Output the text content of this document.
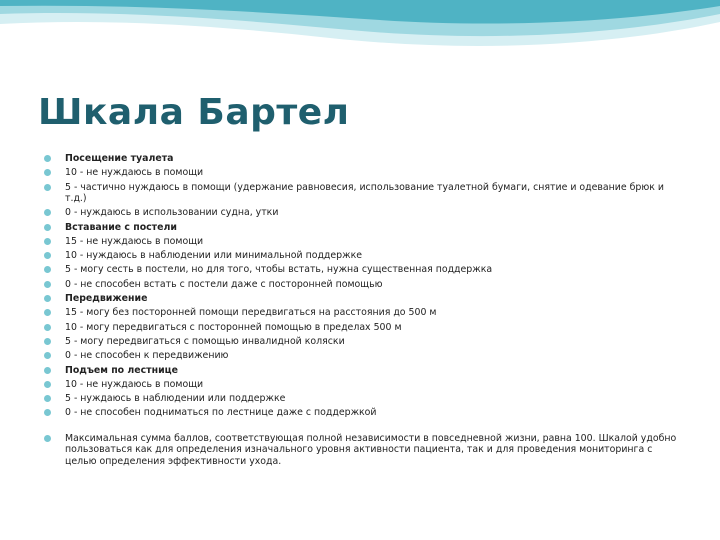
Шкала Бартел
Посещение туалета
10 - не нуждаюсь в помощи
5 - частично нуждаюсь в помощи (удержание равновесия, использование туалетной бумаги, снятие и одевание брюк и т.д.)
0 - нуждаюсь в использовании судна, утки
Вставание с постели
15 - не нуждаюсь в помощи
10 - нуждаюсь в наблюдении или минимальной поддержке
5 - могу сесть в постели, но для того, чтобы встать, нужна существенная поддержка
0 - не способен встать с постели даже с посторонней помощью
Передвижение
15 - могу без посторонней помощи передвигаться на расстояния до 500 м
10 - могу передвигаться с посторонней помощью в пределах 500 м
5 - могу передвигаться с помощью инвалидной коляски
0 - не способен к передвижению
Подъем по лестнице
10 - не нуждаюсь в помощи
5 - нуждаюсь в наблюдении или поддержке
0 - не способен подниматься по лестнице даже с поддержкой
Максимальная сумма баллов, соответствующая полной независимости в повседневной жизни, равна 100. Шкалой удобно пользоваться как для определения изначального уровня активности пациента, так и для проведения мониторинга с целью определения эффективности ухода.
